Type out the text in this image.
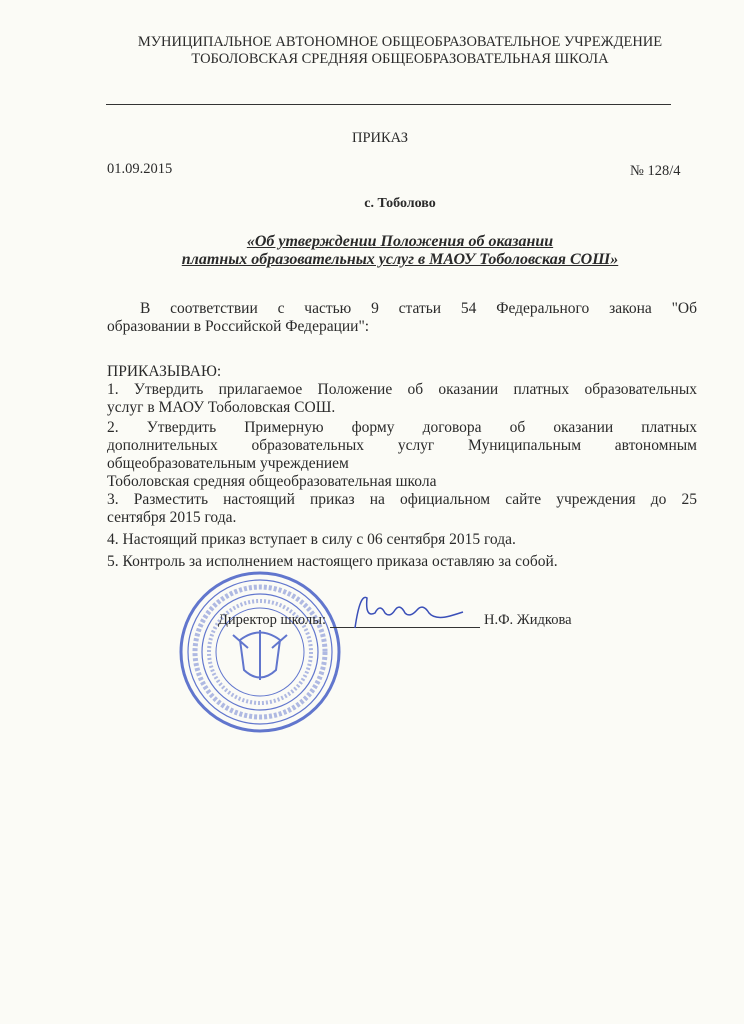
МУНИЦИПАЛЬНОЕ АВТОНОМНОЕ ОБЩЕОБРАЗОВАТЕЛЬНОЕ УЧРЕЖДЕНИЕ
ТОБОЛОВСКАЯ СРЕДНЯЯ ОБЩЕОБРАЗОВАТЕЛЬНАЯ ШКОЛА
ПРИКАЗ
01.09.2015	№ 128/4
с. Тоболово
«Об утверждении Положения об оказании
платных образовательных услуг в МАОУ Тоболовская СОШ»

В соответствии с частью 9 статьи 54 Федерального закона "Об

образовании в Российской Федерации":

ПРИКАЗЫВАЮ:

1. Утвердить прилагаемое Положение об оказании платных образовательных

услуг в МАОУ Тоболовская СОШ.

2. Утвердить Примерную форму договора об оказании платных

дополнительных образовательных услуг Муниципальным автономным

общеобразовательным учреждением

Тоболовская средняя общеобразовательная школа

3. Разместить настоящий приказ на официальном сайте учреждения до 25

сентября 2015 года.

4. Настоящий приказ вступает в силу с 06 сентября 2015 года.

5. Контроль за исполнением настоящего приказа оставляю за собой.

Директор школы:	Н.Ф. Жидкова
